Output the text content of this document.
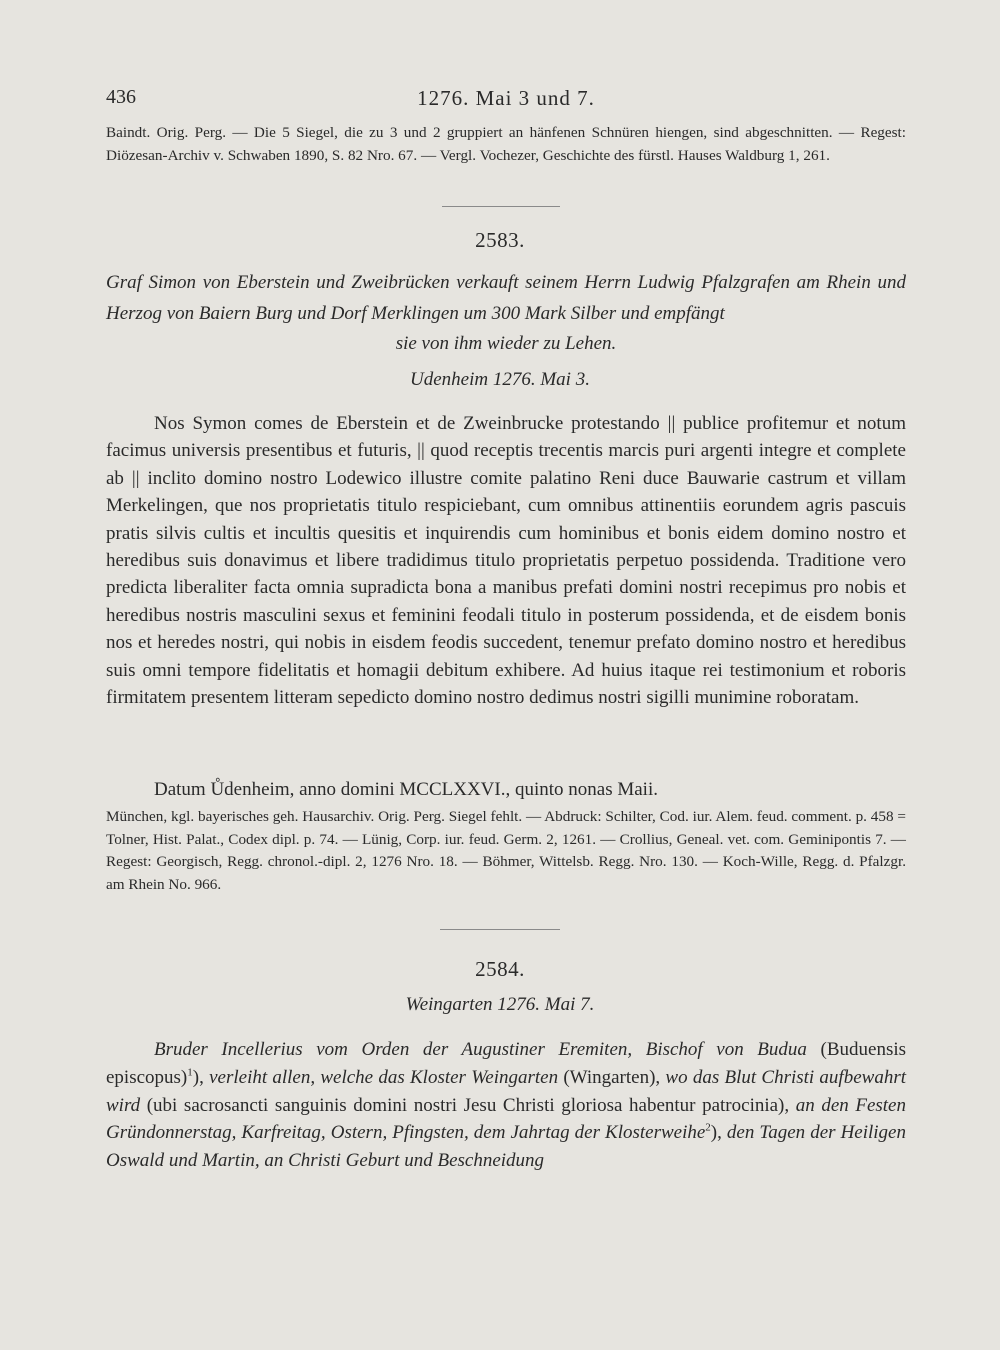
436	1276. Mai 3 und 7.

Baindt. Orig. Perg. — Die 5 Siegel, die zu 3 und 2 gruppiert an hänfenen Schnüren hiengen, sind abgeschnitten. — Regest: Diözesan-Archiv v. Schwaben 1890, S. 82 Nro. 67. — Vergl. Vochezer, Geschichte des fürstl. Hauses Waldburg 1, 261.

2583.
Graf Simon von Eberstein und Zweibrücken verkauft seinem Herrn Ludwig Pfalzgrafen am Rhein und Herzog von Baiern Burg und Dorf Merklingen um 300 Mark Silber und empfängt
sie von ihm wieder zu Lehen.
Udenheim 1276. Mai 3.

Nos Symon comes de Eberstein et de Zweinbrucke protestando || publice profitemur et notum facimus universis presentibus et futuris, || quod receptis trecentis marcis puri argenti integre et complete ab || inclito domino nostro Lodewico illustre comite palatino Reni duce Bauwarie castrum et villam Merkelingen, que nos proprietatis titulo respiciebant, cum omnibus attinentiis eorundem agris pascuis pratis silvis cultis et incultis quesitis et inquirendis cum hominibus et bonis eidem domino nostro et heredibus suis donavimus et libere tradidimus titulo proprietatis perpetuo possidenda. Traditione vero predicta liberaliter facta omnia supradicta bona a manibus prefati domini nostri recepimus pro nobis et heredibus nostris masculini sexus et feminini feodali titulo in posterum possidenda, et de eisdem bonis nos et heredes nostri, qui nobis in eisdem feodis succedent, tenemur prefato domino nostro et heredibus suis omni tempore fidelitatis et homagii debitum exhibere. Ad huius itaque rei testimonium et roboris firmitatem presentem litteram sepedicto domino nostro dedimus nostri sigilli munimine roboratam.

Datum Ůdenheim, anno domini MCCLXXVI., quinto nonas Maii.

München, kgl. bayerisches geh. Hausarchiv. Orig. Perg. Siegel fehlt. — Abdruck: Schilter, Cod. iur. Alem. feud. comment. p. 458 = Tolner, Hist. Palat., Codex dipl. p. 74. — Lünig, Corp. iur. feud. Germ. 2, 1261. — Crollius, Geneal. vet. com. Geminipontis 7. — Regest: Georgisch, Regg. chronol.-dipl. 2, 1276 Nro. 18. — Böhmer, Wittelsb. Regg. Nro. 130. — Koch-Wille, Regg. d. Pfalzgr. am Rhein No. 966.

2584.
Weingarten 1276. Mai 7.

Bruder Incellerius vom Orden der Augustiner Eremiten, Bischof von Budua (Buduensis episcopus)$^1$), verleiht allen, welche das Kloster Weingarten (Wingarten), wo das Blut Christi aufbewahrt wird (ubi sacrosancti sanguinis domini nostri Jesu Christi gloriosa habentur patrocinia), an den Festen Gründonnerstag, Karfreitag, Ostern, Pfingsten, dem Jahrtag der Klosterweihe$^2$), den Tagen der Heiligen Oswald und Martin, an Christi Geburt und Beschneidung
